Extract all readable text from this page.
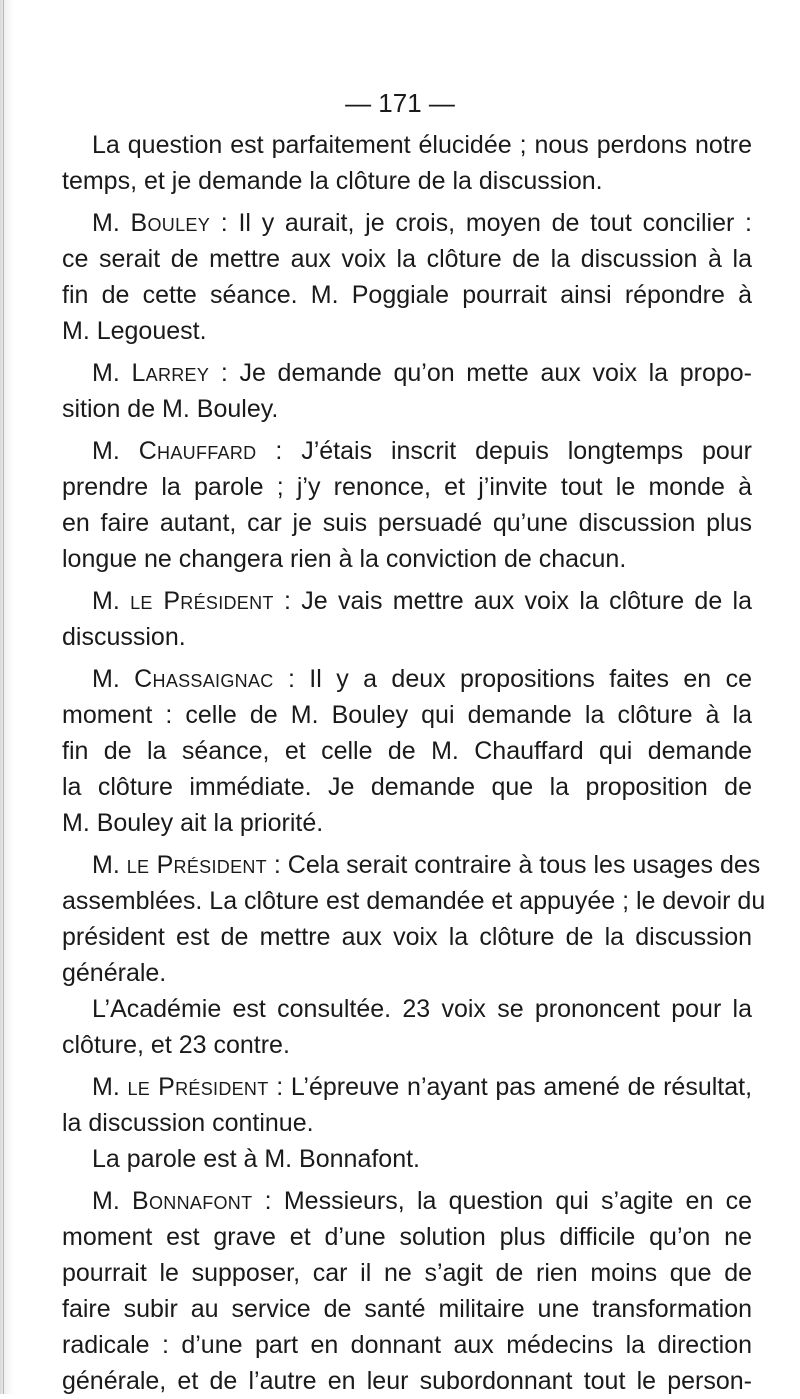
— 171 —
La question est parfaitement élucidée ; nous perdons notre
temps, et je demande la clôture de la discussion.
M. Bouley : Il y aurait, je crois, moyen de tout concilier :
ce serait de mettre aux voix la clôture de la discussion à la
fin de cette séance. M. Poggiale pourrait ainsi répondre à
M. Legouest.
M. Larrey : Je demande qu’on mette aux voix la propo-
sition de M. Bouley.
M. Chauffard : J’étais inscrit depuis longtemps pour
prendre la parole ; j’y renonce, et j’invite tout le monde à
en faire autant, car je suis persuadé qu’une discussion plus
longue ne changera rien à la conviction de chacun.
M. le Président : Je vais mettre aux voix la clôture de la
discussion.
M. Chassaignac : Il y a deux propositions faites en ce
moment : celle de M. Bouley qui demande la clôture à la
fin de la séance, et celle de M. Chauffard qui demande
la clôture immédiate. Je demande que la proposition de
M. Bouley ait la priorité.
M. le Président : Cela serait contraire à tous les usages des
assemblées. La clôture est demandée et appuyée ; le devoir du
président est de mettre aux voix la clôture de la discussion
générale.
L’Académie est consultée. 23 voix se prononcent pour la
clôture, et 23 contre.
M. le Président : L’épreuve n’ayant pas amené de résultat,
la discussion continue.
La parole est à M. Bonnafont.
M. Bonnafont : Messieurs, la question qui s’agite en ce
moment est grave et d’une solution plus difficile qu’on ne
pourrait le supposer, car il ne s’agit de rien moins que de
faire subir au service de santé militaire une transformation
radicale : d’une part en donnant aux médecins la direction
générale, et de l’autre en leur subordonnant tout le person-
